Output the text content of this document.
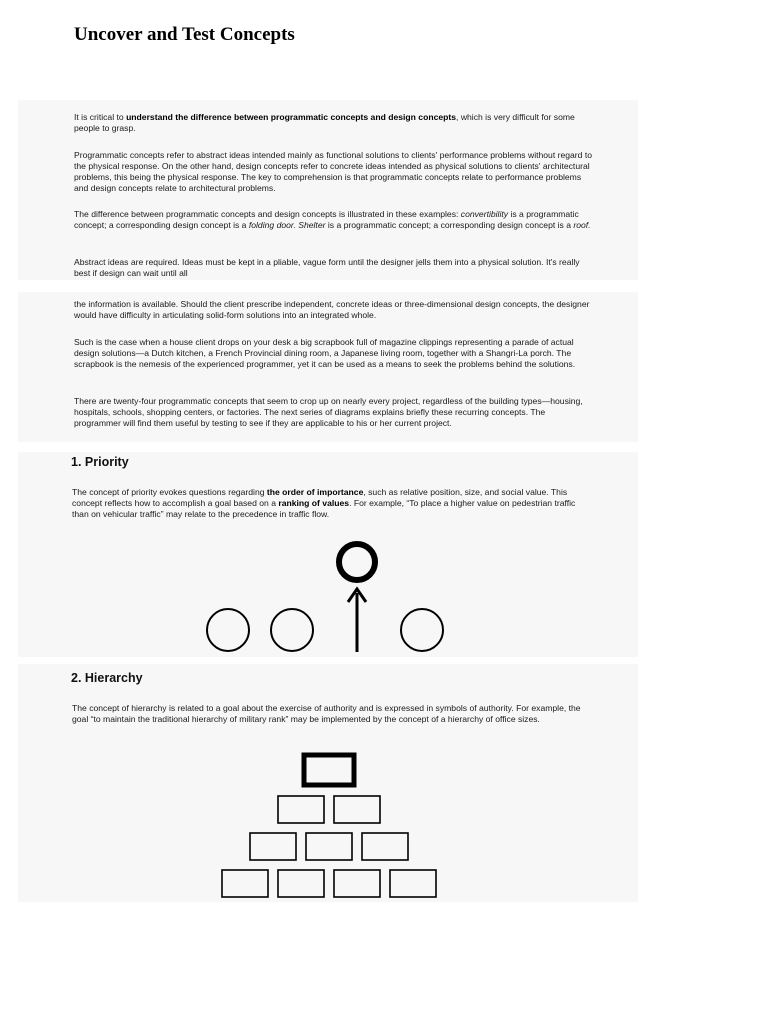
Uncover and Test Concepts
It is critical to understand the difference between programmatic concepts and design concepts, which is very difficult for some people to grasp.
Programmatic concepts refer to abstract ideas intended mainly as functional solutions to clients' performance problems without regard to the physical response. On the other hand, design concepts refer to concrete ideas intended as physical solutions to clients' architectural problems, this being the physical response. The key to comprehension is that programmatic concepts relate to performance problems and design concepts relate to architectural problems.
The difference between programmatic concepts and design concepts is illustrated in these examples: convertibility is a programmatic concept; a corresponding design concept is a folding door. Shelter is a programmatic concept; a corresponding design concept is a roof.
Abstract ideas are required. Ideas must be kept in a pliable, vague form until the designer jells them into a physical solution. It's really best if design can wait until all
the information is available. Should the client prescribe independent, concrete ideas or three-dimensional design concepts, the designer would have difficulty in articulating solid-form solutions into an integrated whole.
Such is the case when a house client drops on your desk a big scrapbook full of magazine clippings representing a parade of actual design solutions—a Dutch kitchen, a French Provincial dining room, a Japanese living room, together with a Shangri-La porch. The scrapbook is the nemesis of the experienced programmer, yet it can be used as a means to seek the problems behind the solutions.
There are twenty-four programmatic concepts that seem to crop up on nearly every project, regardless of the building types—housing, hospitals, schools, shopping centers, or factories. The next series of diagrams explains briefly these recurring concepts. The programmer will find them useful by testing to see if they are applicable to his or her current project.
1. Priority
The concept of priority evokes questions regarding the order of importance, such as relative position, size, and social value. This concept reflects how to accomplish a goal based on a ranking of values. For example, “To place a higher value on pedestrian traffic than on vehicular traffic” may relate to the precedence in traffic flow.
2. Hierarchy
The concept of hierarchy is related to a goal about the exercise of authority and is expressed in symbols of authority. For example, the goal “to maintain the traditional hierarchy of military rank” may be implemented by the concept of a hierarchy of office sizes.
